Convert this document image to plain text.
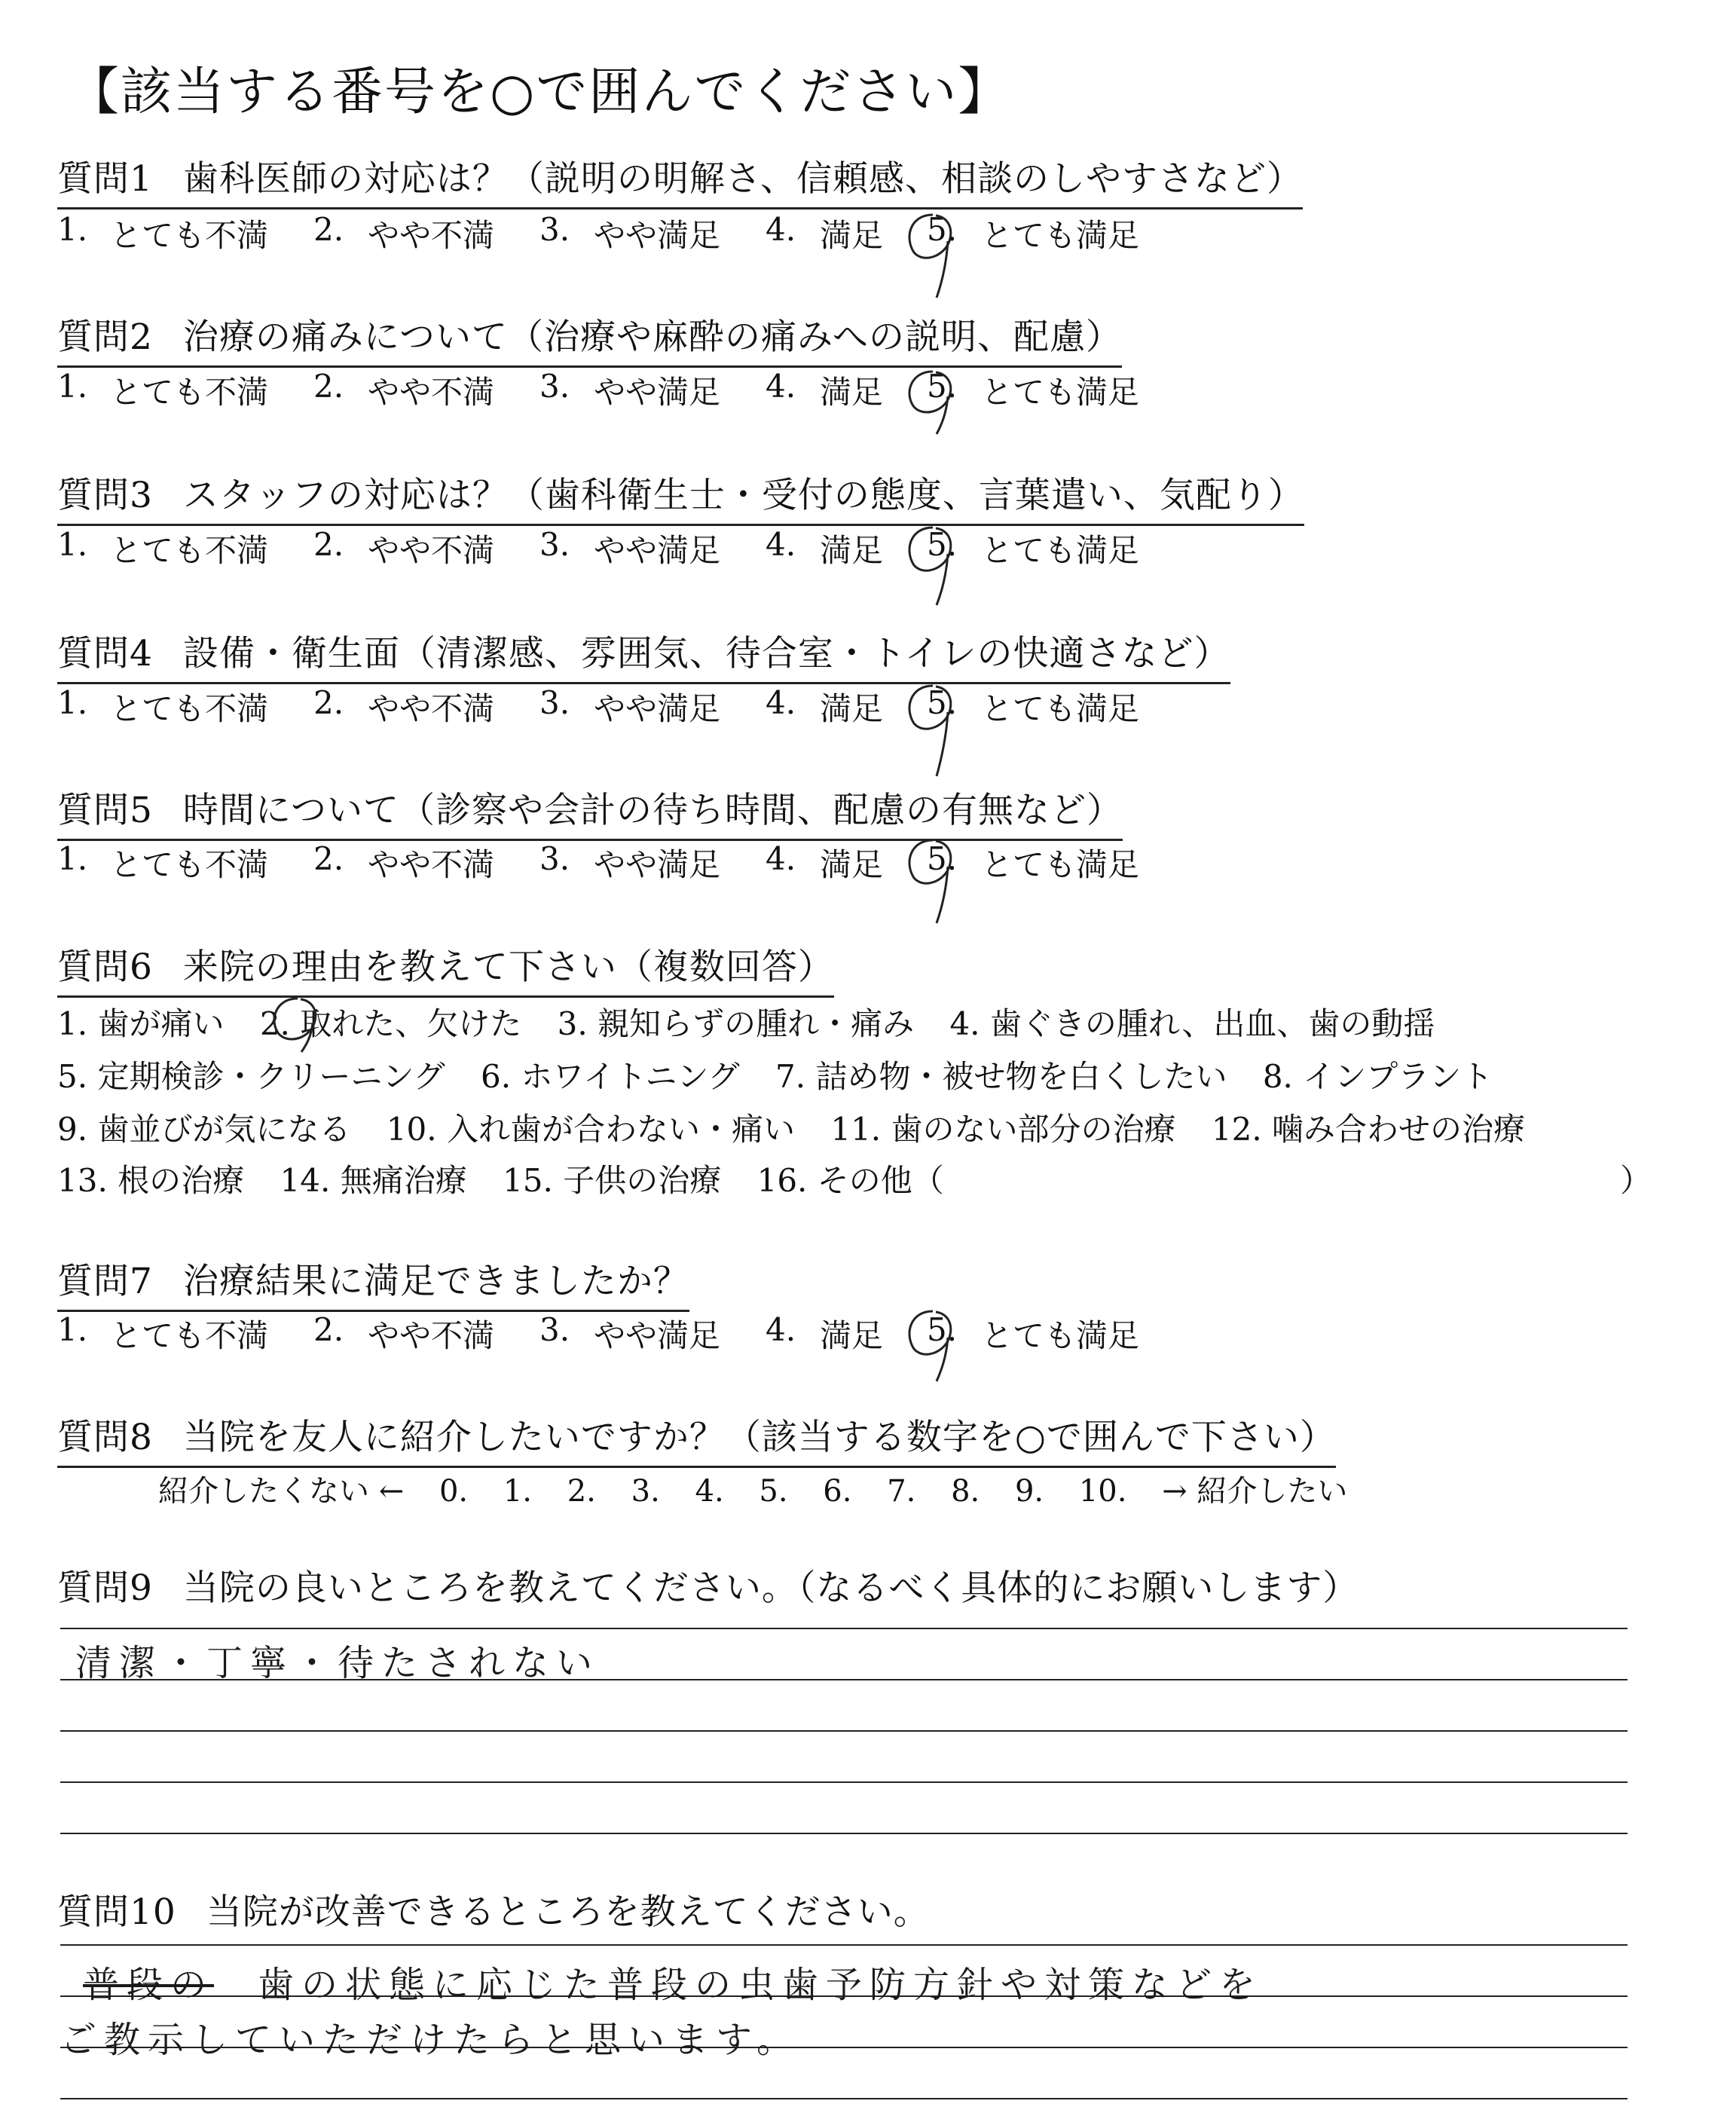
【該当する番号を○で囲んでください】
質問1 歯科医師の対応は？（説明の明解さ、信頼感、相談のしやすさなど）
1. とても不満 2. やや不満 3. やや満足 4. 満足 5. とても満足
質問2 治療の痛みについて（治療や麻酔の痛みへの説明、配慮）
1. とても不満 2. やや不満 3. やや満足 4. 満足 5. とても満足
質問3 スタッフの対応は？（歯科衛生士・受付の態度、言葉遣い、気配り）
1. とても不満 2. やや不満 3. やや満足 4. 満足 5. とても満足
質問4 設備・衛生面（清潔感、雰囲気、待合室・トイレの快適さなど）
1. とても不満 2. やや不満 3. やや満足 4. 満足 5. とても満足
質問5 時間について（診察や会計の待ち時間、配慮の有無など）
1. とても不満 2. やや不満 3. やや満足 4. 満足 5. とても満足
質問6 来院の理由を教えて下さい（複数回答）
1. 歯が痛い 2. 取れた、欠けた 3. 親知らずの腫れ・痛み 4. 歯ぐきの腫れ、出血、歯の動揺
5. 定期検診・クリーニング 6. ホワイトニング 7. 詰め物・被せ物を白くしたい 8. インプラント
9. 歯並びが気になる 10. 入れ歯が合わない・痛い 11. 歯のない部分の治療 12. 噛み合わせの治療
13. 根の治療 14. 無痛治療 15. 子供の治療 16. その他（	）
質問7 治療結果に満足できましたか？
1. とても不満 2. やや不満 3. やや満足 4. 満足 5. とても満足
質問8 当院を友人に紹介したいですか？（該当する数字を○で囲んで下さい）
紹介したくない ← 0. 1. 2. 3. 4. 5. 6. 7. 8. 9. 10. → 紹介したい
質問9 当院の良いところを教えてください。（なるべく具体的にお願いします）
清潔・丁寧・待たされない
質問10 当院が改善できるところを教えてください。
普段の　 歯の状態に応じた普段の虫歯予防方針や対策などを
ご教示していただけたらと思います。
